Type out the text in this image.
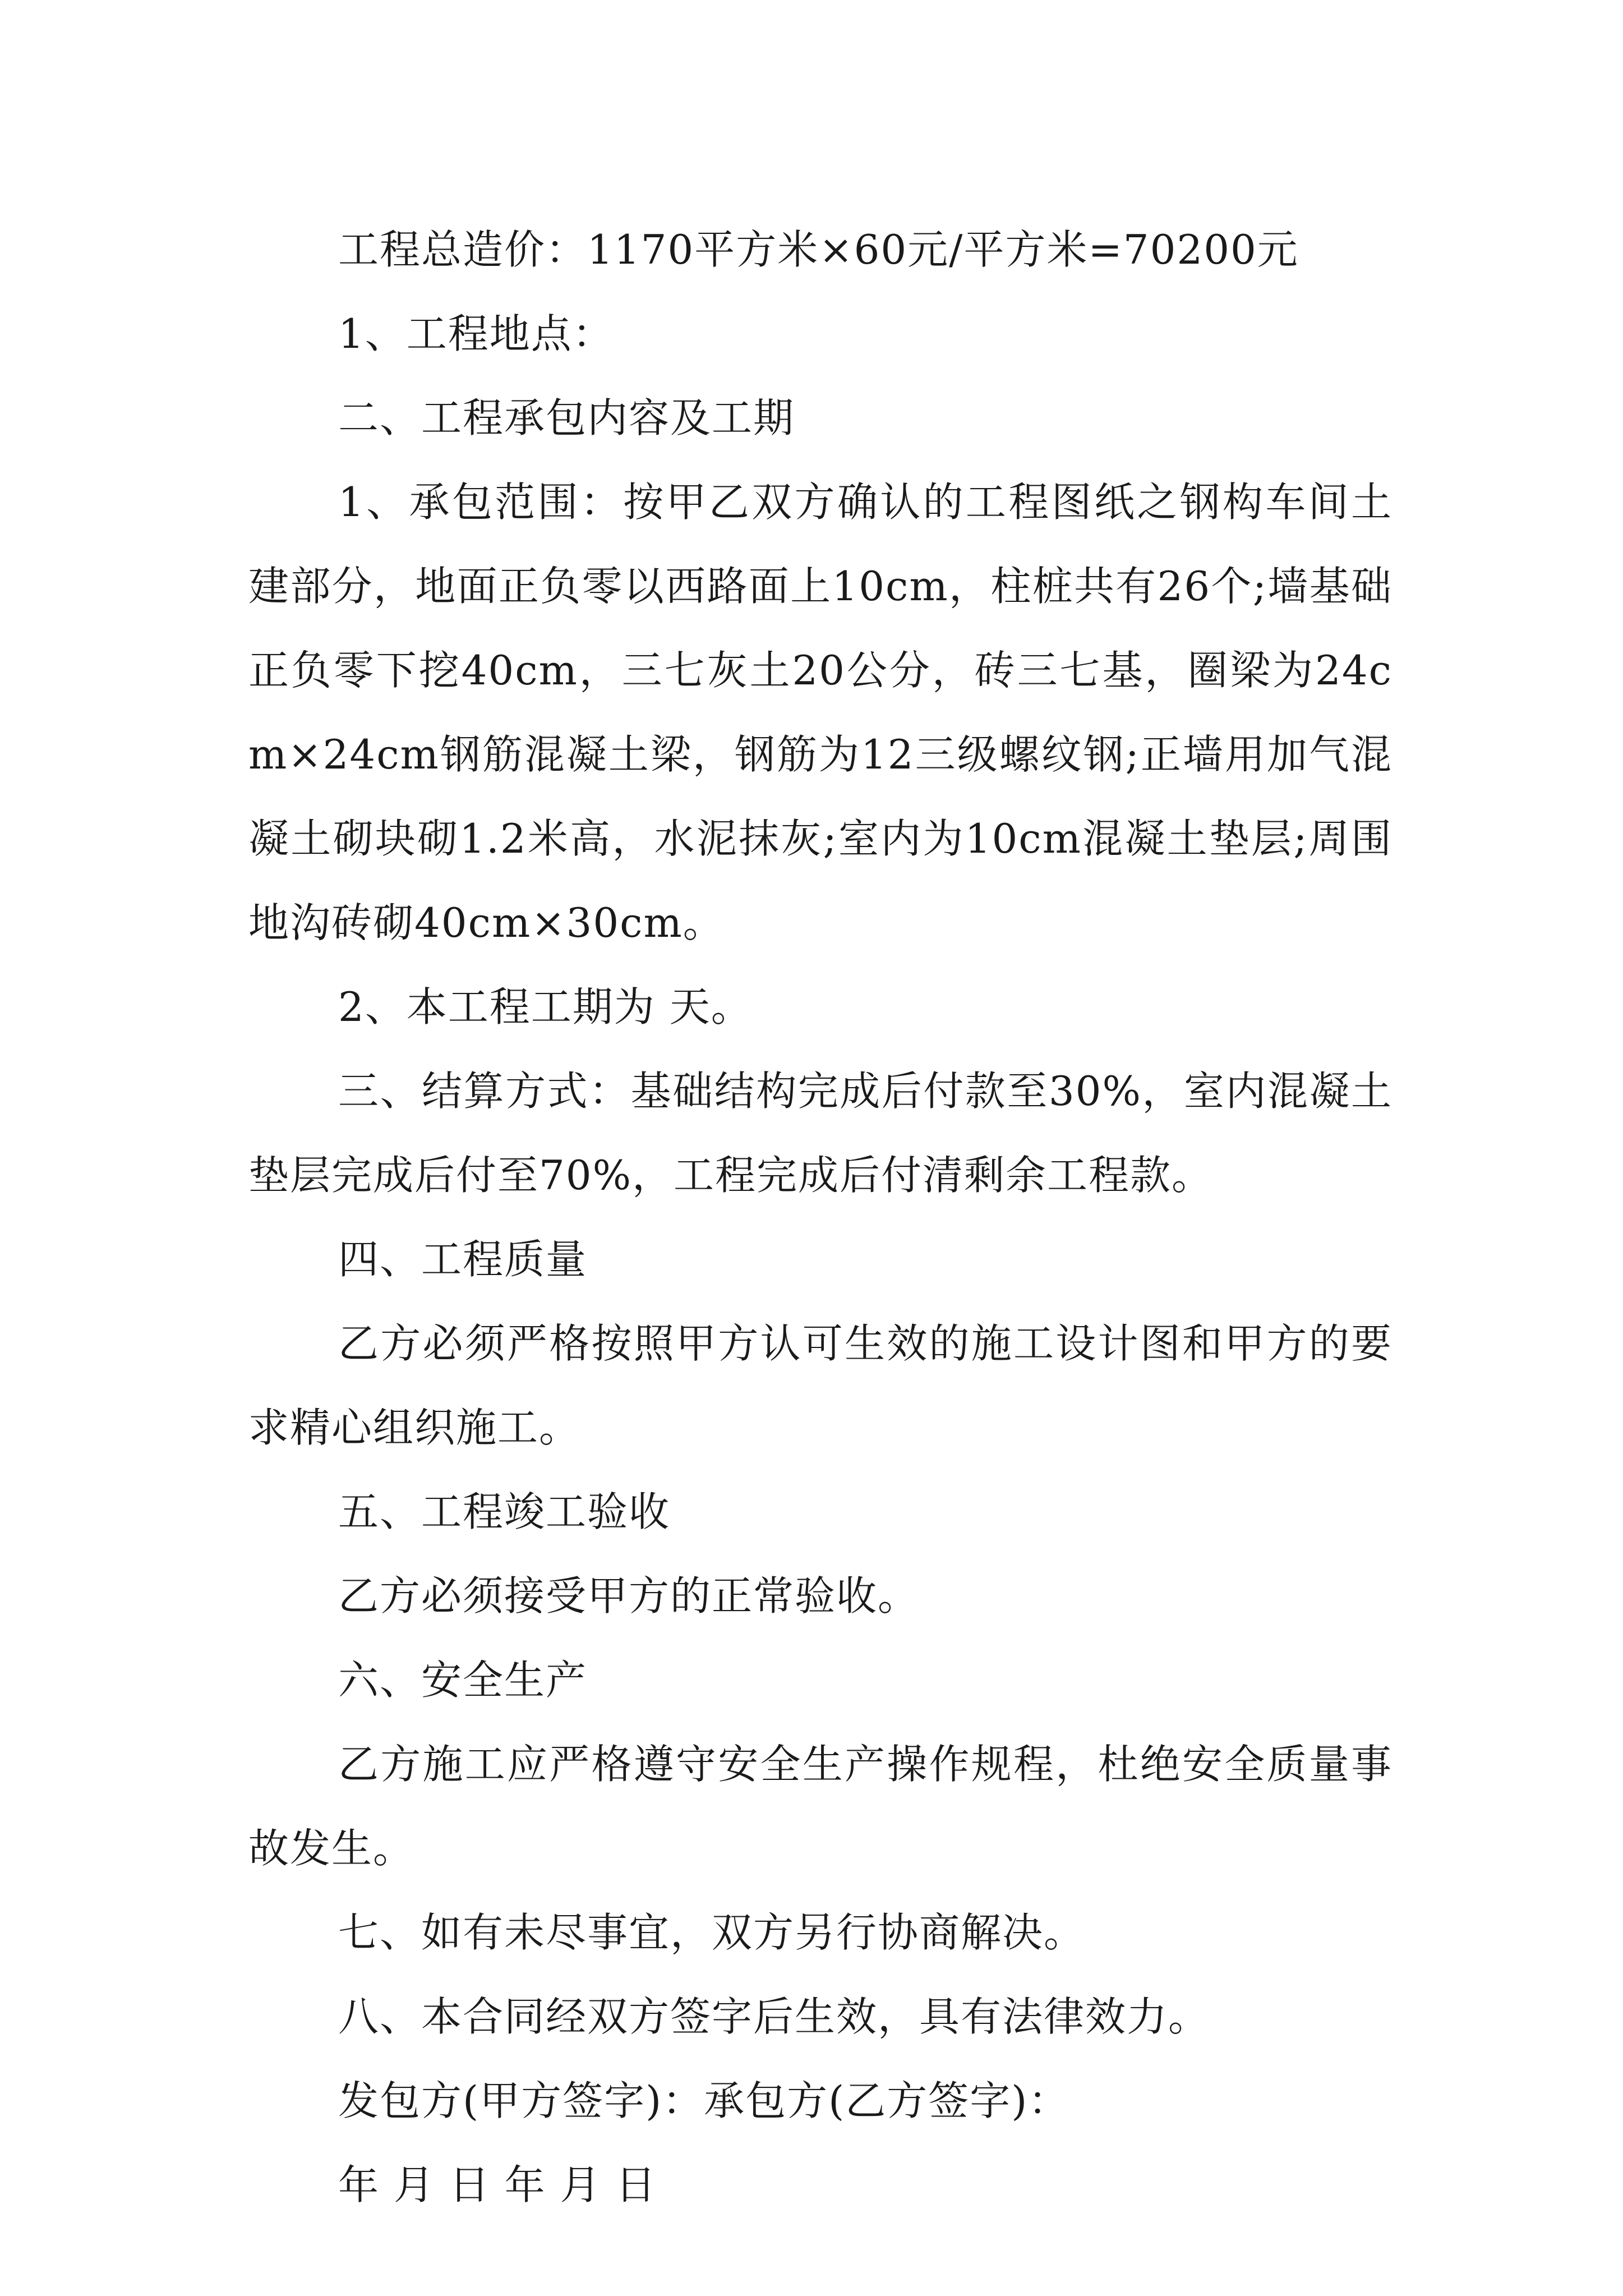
工程总造价：1170平方米×60元/平方米=70200元

1、工程地点：

二、工程承包内容及工期

1、承包范围：按甲乙双方确认的工程图纸之钢构车间土建部分，地面正负零以西路面上10cm，柱桩共有26个;墙基础正负零下挖40cm，三七灰土20公分，砖三七基，圈梁为24cm×24cm钢筋混凝土梁，钢筋为12三级螺纹钢;正墙用加气混凝土砌块砌1.2米高，水泥抹灰;室内为10cm混凝土垫层;周围地沟砖砌40cm×30cm。

2、本工程工期为 天。

三、结算方式：基础结构完成后付款至30%，室内混凝土垫层完成后付至70%，工程完成后付清剩余工程款。

四、工程质量

乙方必须严格按照甲方认可生效的施工设计图和甲方的要求精心组织施工。

五、工程竣工验收

乙方必须接受甲方的正常验收。

六、安全生产

乙方施工应严格遵守安全生产操作规程，杜绝安全质量事故发生。

七、如有未尽事宜，双方另行协商解决。

八、本合同经双方签字后生效，具有法律效力。

发包方(甲方签字)：承包方(乙方签字)：

年 月 日 年 月 日
